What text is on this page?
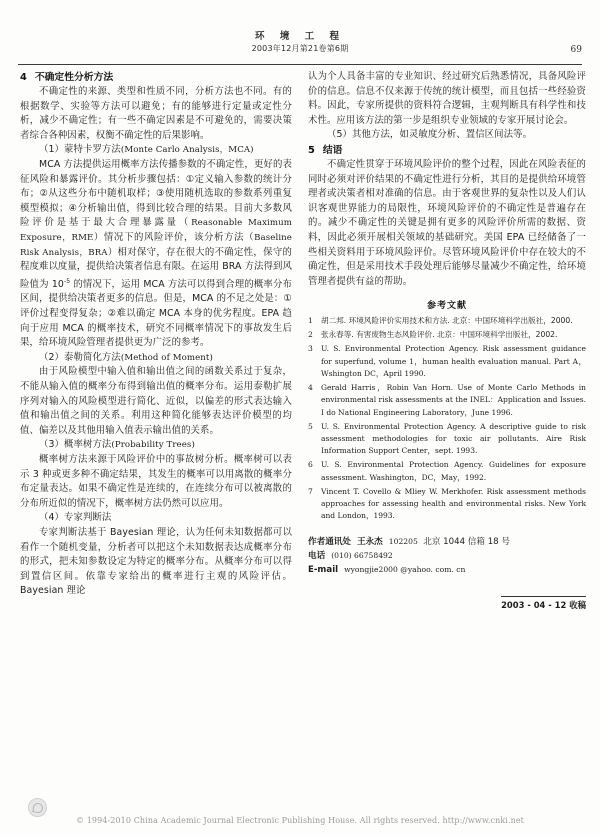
环 境 工 程
2003年12月第21卷第6期	69
4 不确定性分析方法

不确定性的来源、类型和性质不同，分析方法也不同。有的根据数学、实验等方法可以避免；有的能够进行定量或定性分析，减少不确定性；有一些不确定因素是不可避免的，需要决策者综合各种因素，权衡不确定性的后果影响。

（1）蒙特卡罗方法(Monte Carlo Analysis，MCA)

MCA 方法提供运用概率方法传播参数的不确定性，更好的表征风险和暴露评价。其分析步骤包括：①定义输入参数的统计分布；②从这些分布中随机取样；③使用随机选取的参数系列重复模型模拟；④分析输出值，得到比较合理的结果。目前大多数风险评价是基于最大合理暴露量（Reasonable Maximum Exposure，RME）情况下的风险评价，该分析方法（Baseline Risk Analysis，BRA）相对保守，存在很大的不确定性，保守的程度难以度量，提供给决策者信息有限。在运用 BRA 方法得到风险值为 $10^{-5}$ 的情况下，运用 MCA 方法可以得到合理的概率分布区间，提供给决策者更多的信息。但是，MCA 的不足之处是：①评价过程变得复杂；②难以确定 MCA 本身的优劣程度。EPA 趋向于应用 MCA 的概率技术，研究不同概率情况下的事故发生后果，给环境风险管理者提供更为广泛的参考。

（2）泰勒简化方法(Method of Moment)

由于风险模型中输入值和输出值之间的函数关系过于复杂，不能从输入值的概率分布得到输出值的概率分布。运用泰勒扩展序列对输入的风险模型进行简化、近似，以偏差的形式表达输入值和输出值之间的关系。利用这种简化能够表达评价模型的均值、偏差以及其他用输入值表示输出值的关系。

（3）概率树方法(Probability Trees)

概率树方法来源于风险评价中的事故树分析。概率树可以表示 3 种或更多种不确定结果，其发生的概率可以用离散的概率分布定量表达。如果不确定性是连续的，在连续分布可以被离散的分布所近似的情况下，概率树方法仍然可以应用。

（4）专家判断法

专家判断法基于 Bayesian 理论，认为任何未知数据都可以看作一个随机变量，分析者可以把这个未知数据表达成概率分布的形式，把未知参数设定为特定的概率分布。从概率分布可以得到置信区间。依靠专家给出的概率进行主观的风险评估。Bayesian 理论

认为个人具备丰富的专业知识、经过研究后熟悉情况，具备风险评价的信息。信息不仅来源于传统的统计模型，而且包括一些经验资料。因此，专家所提供的资料符合逻辑，主观判断具有科学性和技术性。应用该方法的第一步是组织专业领域的专家开展讨论会。

（5）其他方法，如灵敏度分析、置信区间法等。

5 结语

不确定性贯穿于环境风险评价的整个过程，因此在风险表征的同时必须对评价结果的不确定性进行分析，其目的是提供给环境管理者或决策者相对准确的信息。由于客观世界的复杂性以及人们认识客观世界能力的局限性，环境风险评价的不确定性是普遍存在的。减少不确定性的关键是拥有更多的风险评价所需的数据、资料，因此必须开展相关领域的基础研究。美国 EPA 已经储备了一些相关资料用于环境风险评价。尽管环境风险评价中存在较大的不确定性，但是采用技术手段处理后能够尽量减少不确定性，给环境管理者提供有益的帮助。

参考文献
1	胡二邦. 环境风险评价实用技术和方法. 北京：中国环境科学出版社，2000.
2	张永春等. 有害废物生态风险评价. 北京：中国环境科学出版社，2002.
3	U. S. Environmental Protection Agency. Risk assessment guidance for superfund, volume 1，human health evaluation manual. Part A，Wshington DC，April 1990.
4	Gerald Harris，Robin Van Horn. Use of Monte Carlo Methods in environmental risk assessments at the INEL：Application and Issues. I do National Engineering Laboratory，June 1996.
5	U. S. Environmental Protection Agency. A descriptive guide to risk assessment methodologies for toxic air pollutants. Aire Risk Information Support Center，sept. 1993.
6	U. S. Environmental Protection Agency. Guidelines for exposure assessment. Washington，DC，May，1992.
7	Vincent T. Covello & Mliey W. Merkhofer. Risk assessment methods approaches for assessing health and environmental risks. New York and London，1993.
作者通讯处 王永杰 102205 北京 1044 信箱 18 号
电话 (010) 66758492
E-mail wyongjie2000 @yahoo. com. cn
2003 - 04 - 12 收稿
© 1994-2010 China Academic Journal Electronic Publishing House. All rights reserved. http://www.cnki.net
